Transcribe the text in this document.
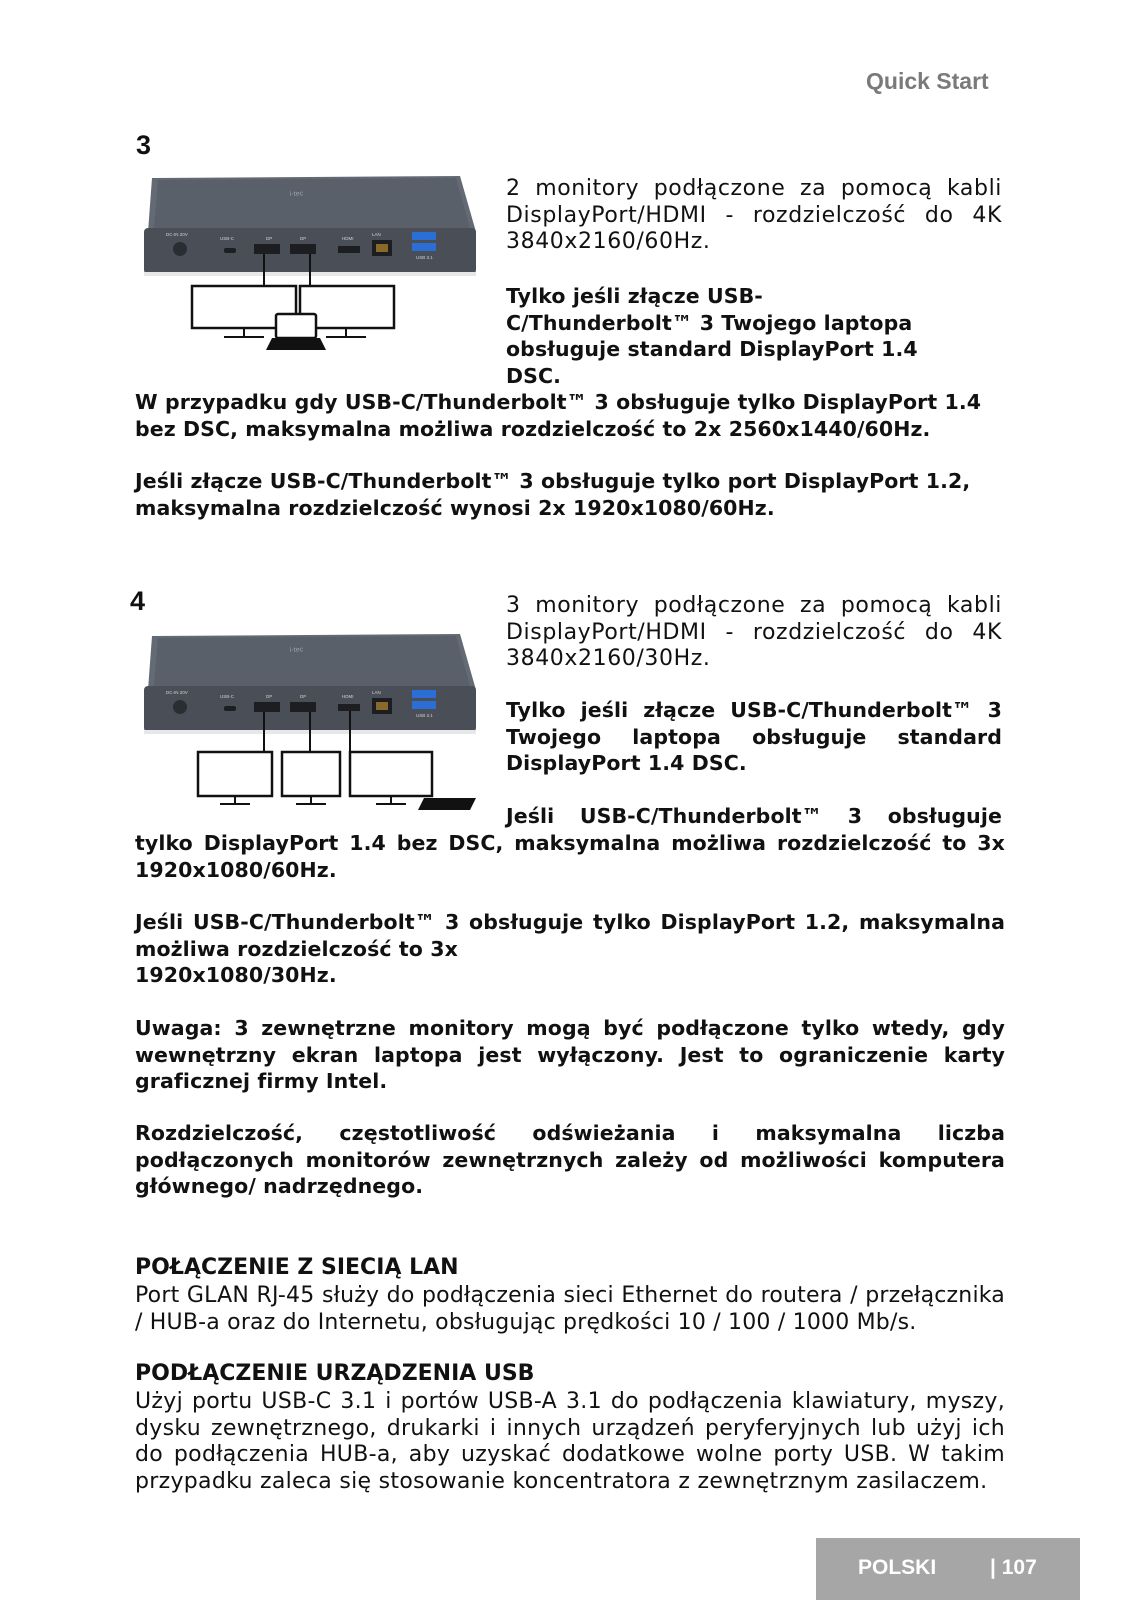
Quick Start
3
i-tec
DC-IN 20V
USB-C	DP	DP	HDMI
LAN
USB 3.1
2 monitory podłączone za pomocą kabli DisplayPort/HDMI - rozdzielczość do 4K 3840x2160/60Hz.
Tylko jeśli złącze USB-C/Thunderbolt™ 3 Twojego laptopa obsługuje standard DisplayPort 1.4 DSC.
W przypadku gdy USB-C/Thunderbolt™ 3 obsługuje tylko DisplayPort 1.4 bez DSC, maksymalna możliwa rozdzielczość to 2x 2560x1440/60Hz.
Jeśli złącze USB-C/Thunderbolt™ 3 obsługuje tylko port DisplayPort 1.2, maksymalna rozdzielczość wynosi 2x 1920x1080/60Hz.
4
i-tec
DC-IN 20V
USB-C	DP	DP	HDMI
LAN
USB 3.1
3 monitory podłączone za pomocą kabli DisplayPort/HDMI - rozdzielczość do 4K 3840x2160/30Hz.
Tylko jeśli złącze USB-C/Thunderbolt™ 3 Twojego laptopa obsługuje standard DisplayPort 1.4 DSC.
Jeśli USB-C/Thunderbolt™ 3 obsługuje
tylko DisplayPort 1.4 bez DSC, maksymalna możliwa rozdzielczość to 3x 1920x1080/60Hz.
Jeśli USB-C/Thunderbolt™ 3 obsługuje tylko DisplayPort 1.2, maksymalna możliwa rozdzielczość to 3x
1920x1080/30Hz.
Uwaga: 3 zewnętrzne monitory mogą być podłączone tylko wtedy, gdy wewnętrzny ekran laptopa jest wyłączony. Jest to ograniczenie karty graficznej firmy Intel.
Rozdzielczość, częstotliwość odświeżania i maksymalna liczba podłączonych monitorów zewnętrznych zależy od możliwości komputera głównego/ nadrzędnego.
POŁĄCZENIE Z SIECIĄ LAN
Port GLAN RJ-45 służy do podłączenia sieci Ethernet do routera / przełącznika / HUB-a oraz do Internetu, obsługując prędkości 10 / 100 / 1000 Mb/s.
PODŁĄCZENIE URZĄDZENIA USB
Użyj portu USB-C 3.1 i portów USB-A 3.1 do podłączenia klawiatury, myszy, dysku zewnętrznego, drukarki i innych urządzeń peryferyjnych lub użyj ich do podłączenia HUB-a, aby uzyskać dodatkowe wolne porty USB. W takim przypadku zaleca się stosowanie koncentratora z zewnętrznym zasilaczem.
POLSKI	| 107
